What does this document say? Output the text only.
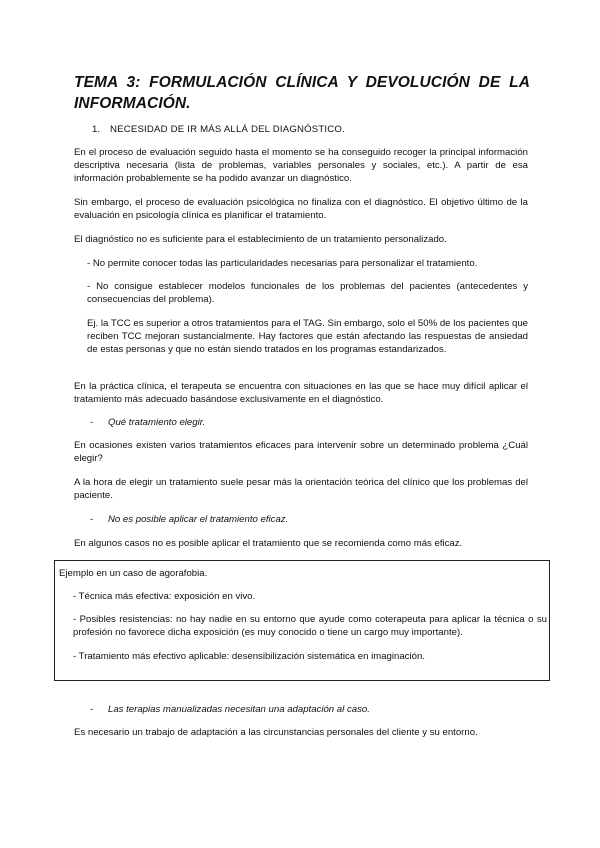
TEMA 3: FORMULACIÓN CLÍNICA Y DEVOLUCIÓN DE LA INFORMACIÓN.
1. NECESIDAD DE IR MÁS ALLÁ DEL DIAGNÓSTICO.
En el proceso de evaluación seguido hasta el momento se ha conseguido recoger la principal información descriptiva necesaria (lista de problemas, variables personales y sociales, etc.). A partir de esa información probablemente se ha podido avanzar un diagnóstico.
Sin embargo, el proceso de evaluación psicológica no finaliza con el diagnóstico. El objetivo último de la evaluación en psicología clínica es planificar el tratamiento.
El diagnóstico no es suficiente para el establecimiento de un tratamiento personalizado.
- No permite conocer todas las particularidades necesarias para personalizar el tratamiento.
- No consigue establecer modelos funcionales de los problemas del pacientes (antecedentes y consecuencias del problema).
Ej. la TCC es superior a otros tratamientos para el TAG. Sin embargo, solo el 50% de los pacientes que reciben TCC mejoran sustancialmente. Hay factores que están afectando las respuestas de ansiedad de estas personas y que no están siendo tratados en los programas estandarizados.
En la práctica clínica, el terapeuta se encuentra con situaciones en las que se hace muy difícil aplicar el tratamiento más adecuado basándose exclusivamente en el diagnóstico.
- Qué tratamiento elegir.
En ocasiones existen varios tratamientos eficaces para intervenir sobre un determinado problema ¿Cuál elegir?
A la hora de elegir un tratamiento suele pesar más la orientación teórica del clínico que los problemas del paciente.
- No es posible aplicar el tratamiento eficaz.
En algunos casos no es posible aplicar el tratamiento que se recomienda como más eficaz.
Ejemplo en un caso de agorafobia.
- Técnica más efectiva: exposición en vivo.
- Posibles resistencias: no hay nadie en su entorno que ayude como coterapeuta para aplicar la técnica o su profesión no favorece dicha exposición (es muy conocido o tiene un cargo muy importante).
- Tratamiento más efectivo aplicable: desensibilización sistemática en imaginación.
- Las terapias manualizadas necesitan una adaptación al caso.
Es necesario un trabajo de adaptación a las circunstancias personales del cliente y su entorno.
